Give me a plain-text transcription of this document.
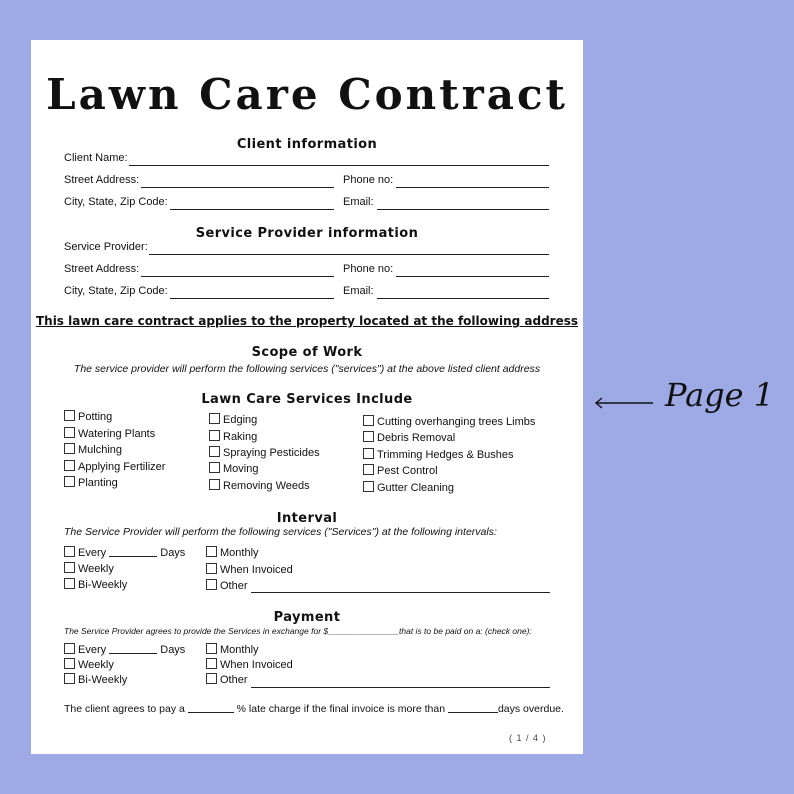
Lawn Care Contract
Client information
Client Name:
Street Address:	Phone no:
City, State, Zip Code:	Email:
Service Provider information
Service Provider:
Street Address:	Phone no:
City, State, Zip Code:	Email:
This lawn care contract applies to the property located at the following address
Scope of Work
The service provider will perform the following services ("services") at the above listed client address
Lawn Care Services Include
Potting
Watering Plants
Mulching
Applying Fertilizer
Planting
Edging
Raking
Spraying Pesticides
Moving
Removing Weeds
Cutting overhanging trees Limbs
Debris Removal
Trimming Hedges & Bushes
Pest Control
Gutter Cleaning
Interval
The Service Provider will perform the following services ("Services") at the following intervals:
Every	Days
Weekly
Bi-Weekly
Monthly
When Invoiced
Other
Payment
The Service Provider agrees to provide the Services in exchange for $_______________that is to be paid on a: (check one):
Every	Days
Weekly
Bi-Weekly
Monthly
When Invoiced
Other
The client agrees to pay a	% late charge if the final invoice is more than	days overdue.
( 1 / 4 )
Page 1
